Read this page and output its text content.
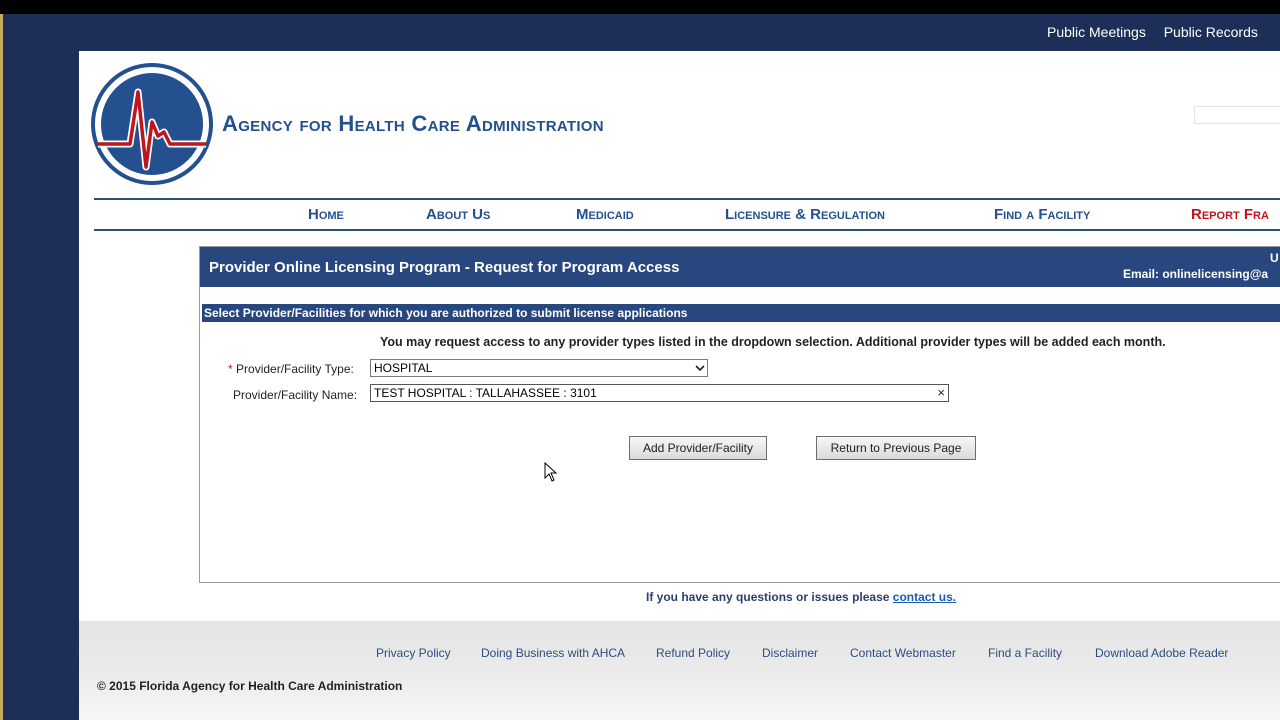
Public Meetings Public Records
Agency for Health Care Administration
Home	About Us	Medicaid	Licensure & Regulation	Find a Facility	Report Fra
Provider Online Licensing Program - Request for Program Access
U
Email: onlinelicensing@a
Select Provider/Facilities for which you are authorized to submit license applications
You may request access to any provider types listed in the dropdown selection. Additional provider types will be added each month.
* Provider/Facility Type:	HOSPITAL
Provider/Facility Name:	TEST HOSPITAL : TALLAHASSEE : 3101	×
Add Provider/Facility	Return to Previous Page
If you have any questions or issues please contact us.
Privacy Policy	Doing Business with AHCA	Refund Policy	Disclaimer	Contact Webmaster	Find a Facility	Download Adobe Reader
© 2015 Florida Agency for Health Care Administration
